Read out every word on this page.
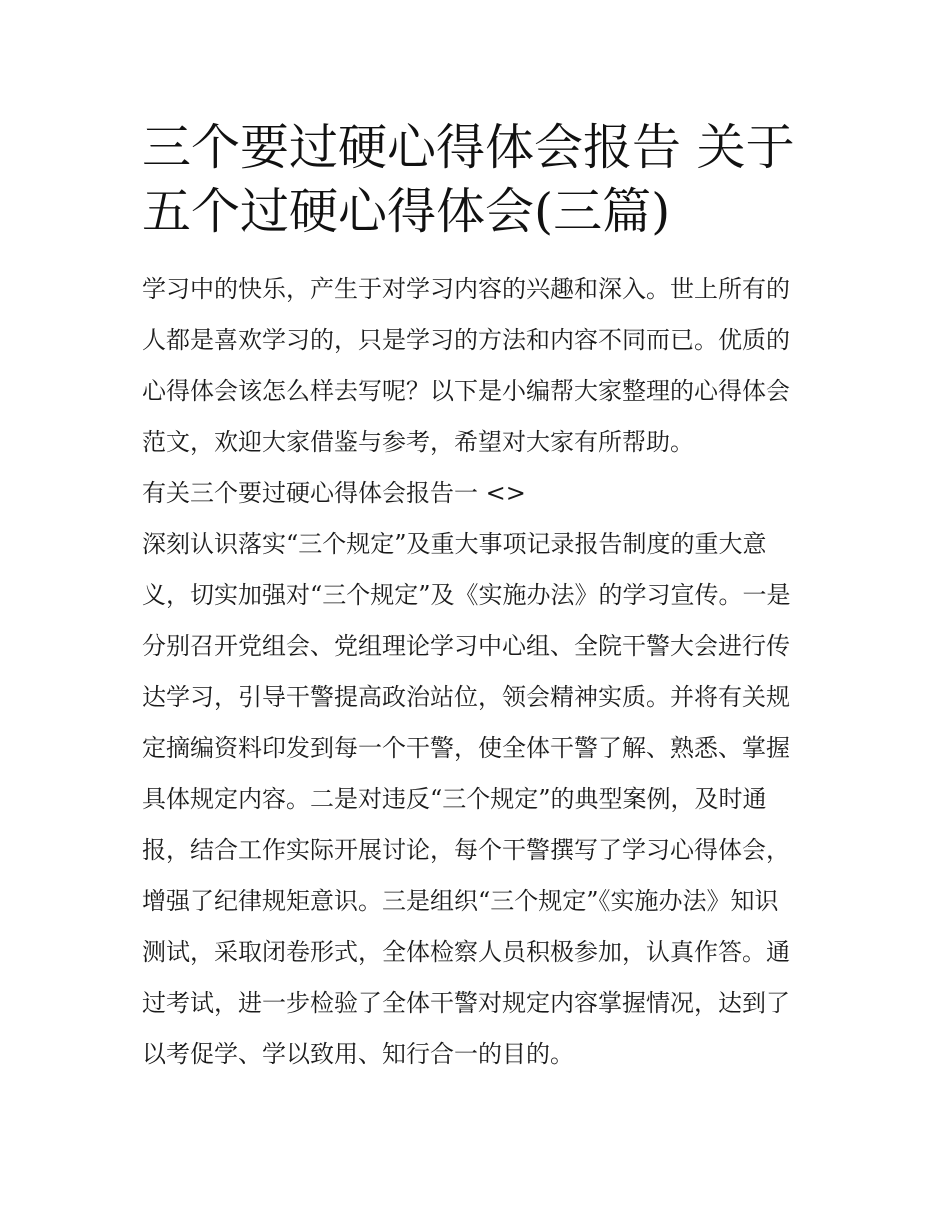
三个要过硬心得体会报告 关于
五个过硬心得体会(三篇)

学习中的快乐，产生于对学习内容的兴趣和深入。世上所有的
人都是喜欢学习的，只是学习的方法和内容不同而已。优质的
心得体会该怎么样去写呢？以下是小编帮大家整理的心得体会
范文，欢迎大家借鉴与参考，希望对大家有所帮助。

有关三个要过硬心得体会报告一 <>

深刻认识落实“三个规定”及重大事项记录报告制度的重大意
义，切实加强对“三个规定”及《实施办法》的学习宣传。一是
分别召开党组会、党组理论学习中心组、全院干警大会进行传
达学习，引导干警提高政治站位，领会精神实质。并将有关规
定摘编资料印发到每一个干警，使全体干警了解、熟悉、掌握
具体规定内容。二是对违反“三个规定”的典型案例，及时通
报，结合工作实际开展讨论，每个干警撰写了学习心得体会，
增强了纪律规矩意识。三是组织“三个规定”《实施办法》知识
测试，采取闭卷形式，全体检察人员积极参加，认真作答。通
过考试，进一步检验了全体干警对规定内容掌握情况，达到了
以考促学、学以致用、知行合一的目的。
